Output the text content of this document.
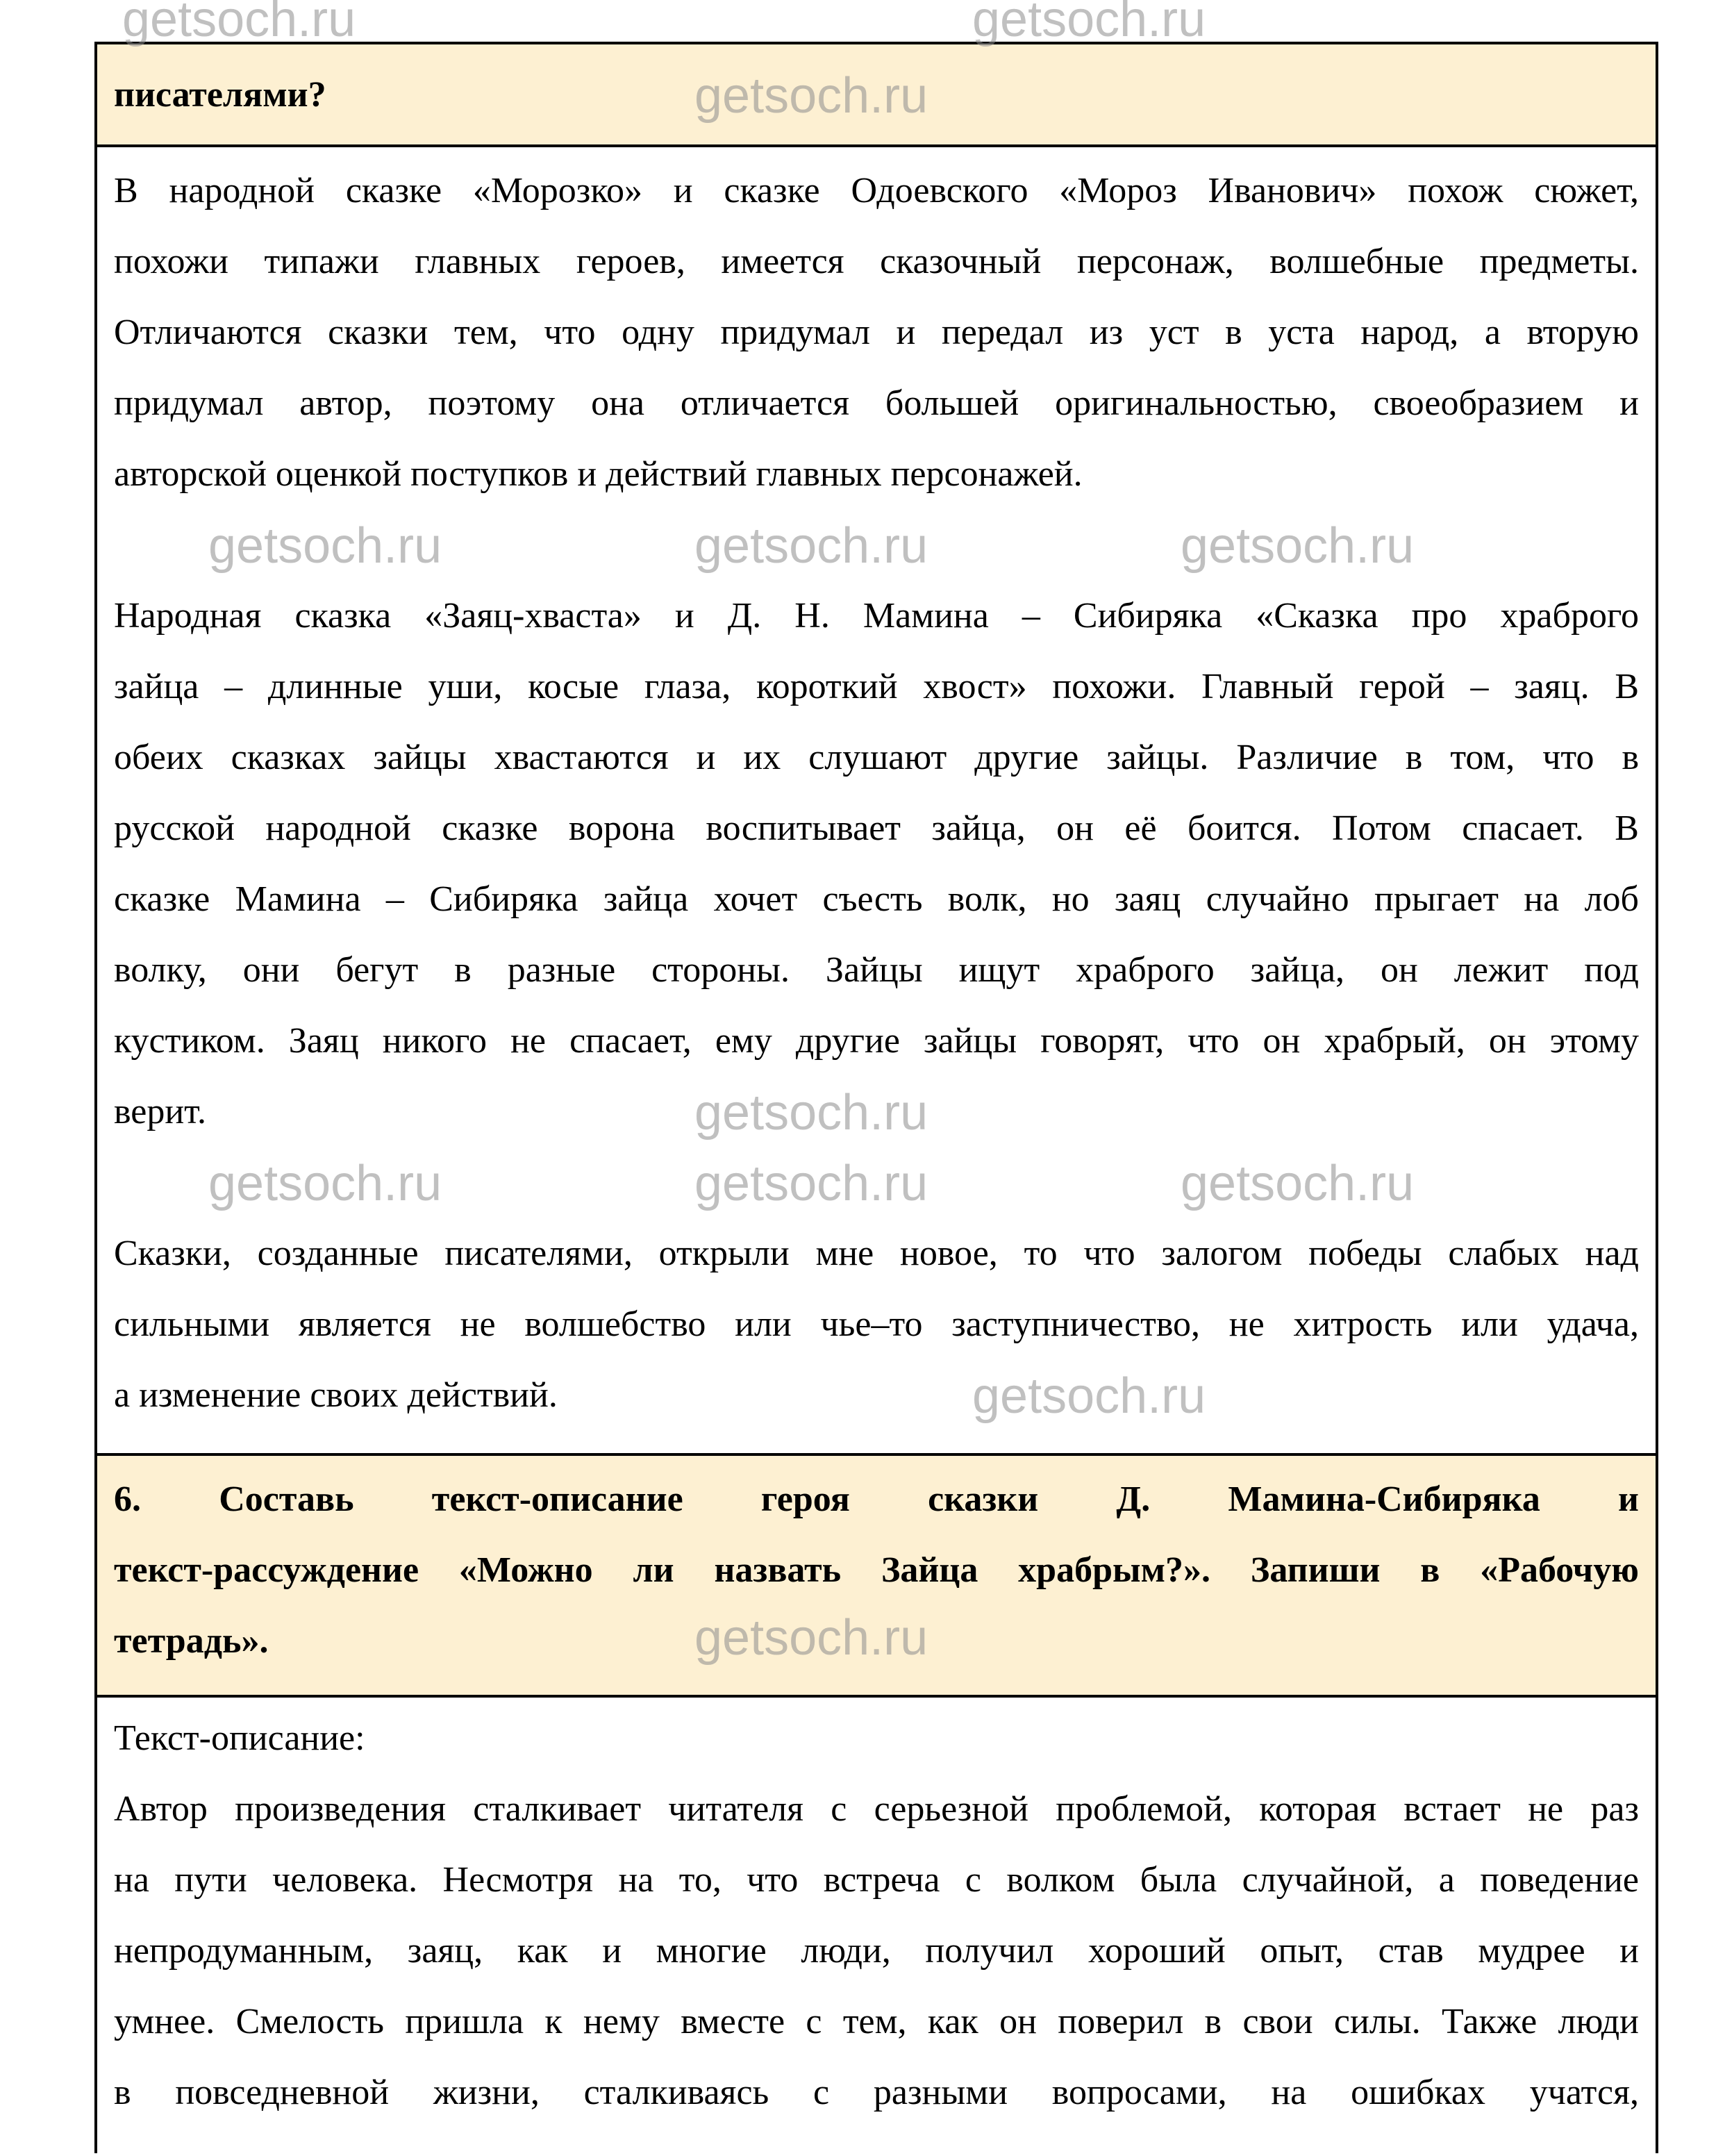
писателями?
В народной сказке «Морозко» и сказке Одоевского «Мороз Иванович» похож сюжет,
похожи типажи главных героев, имеется сказочный персонаж, волшебные предметы.
Отличаются сказки тем, что одну придумал и передал из уст в уста народ, а вторую
придумал автор, поэтому она отличается большей оригинальностью, своеобразием и
авторской оценкой поступков и действий главных персонажей.
Народная сказка «Заяц-хваста» и Д. Н. Мамина – Сибиряка «Сказка про храброго
зайца – длинные уши, косые глаза, короткий хвост» похожи. Главный герой – заяц. В
обеих сказках зайцы хвастаются и их слушают другие зайцы. Различие в том, что в
русской народной сказке ворона воспитывает зайца, он её боится. Потом спасает. В
сказке Мамина – Сибиряка зайца хочет съесть волк, но заяц случайно прыгает на лоб
волку, они бегут в разные стороны. Зайцы ищут храброго зайца, он лежит под
кустиком. Заяц никого не спасает, ему другие зайцы говорят, что он храбрый, он этому
верит.
Сказки, созданные писателями, открыли мне новое, то что залогом победы слабых над
сильными является не волшебство или чье–то заступничество, не хитрость или удача,
а изменение своих действий.
6. Составь текст-описание героя сказки Д. Мамина-Сибиряка и
текст-рассуждение «Можно ли назвать Зайца храбрым?». Запиши в «Рабочую
тетрадь».
Текст-описание:
Автор произведения сталкивает читателя с серьезной проблемой, которая встает не раз
на пути человека. Несмотря на то, что встреча с волком была случайной, а поведение
непродуманным, заяц, как и многие люди, получил хороший опыт, став мудрее и
умнее. Смелость пришла к нему вместе с тем, как он поверил в свои силы. Также люди
в повседневной жизни, сталкиваясь с разными вопросами, на ошибках учатся,
getsoch.ru	getsoch.ru
getsoch.ru
getsoch.ru	getsoch.ru	getsoch.ru
getsoch.ru
getsoch.ru	getsoch.ru	getsoch.ru
getsoch.ru
getsoch.ru
